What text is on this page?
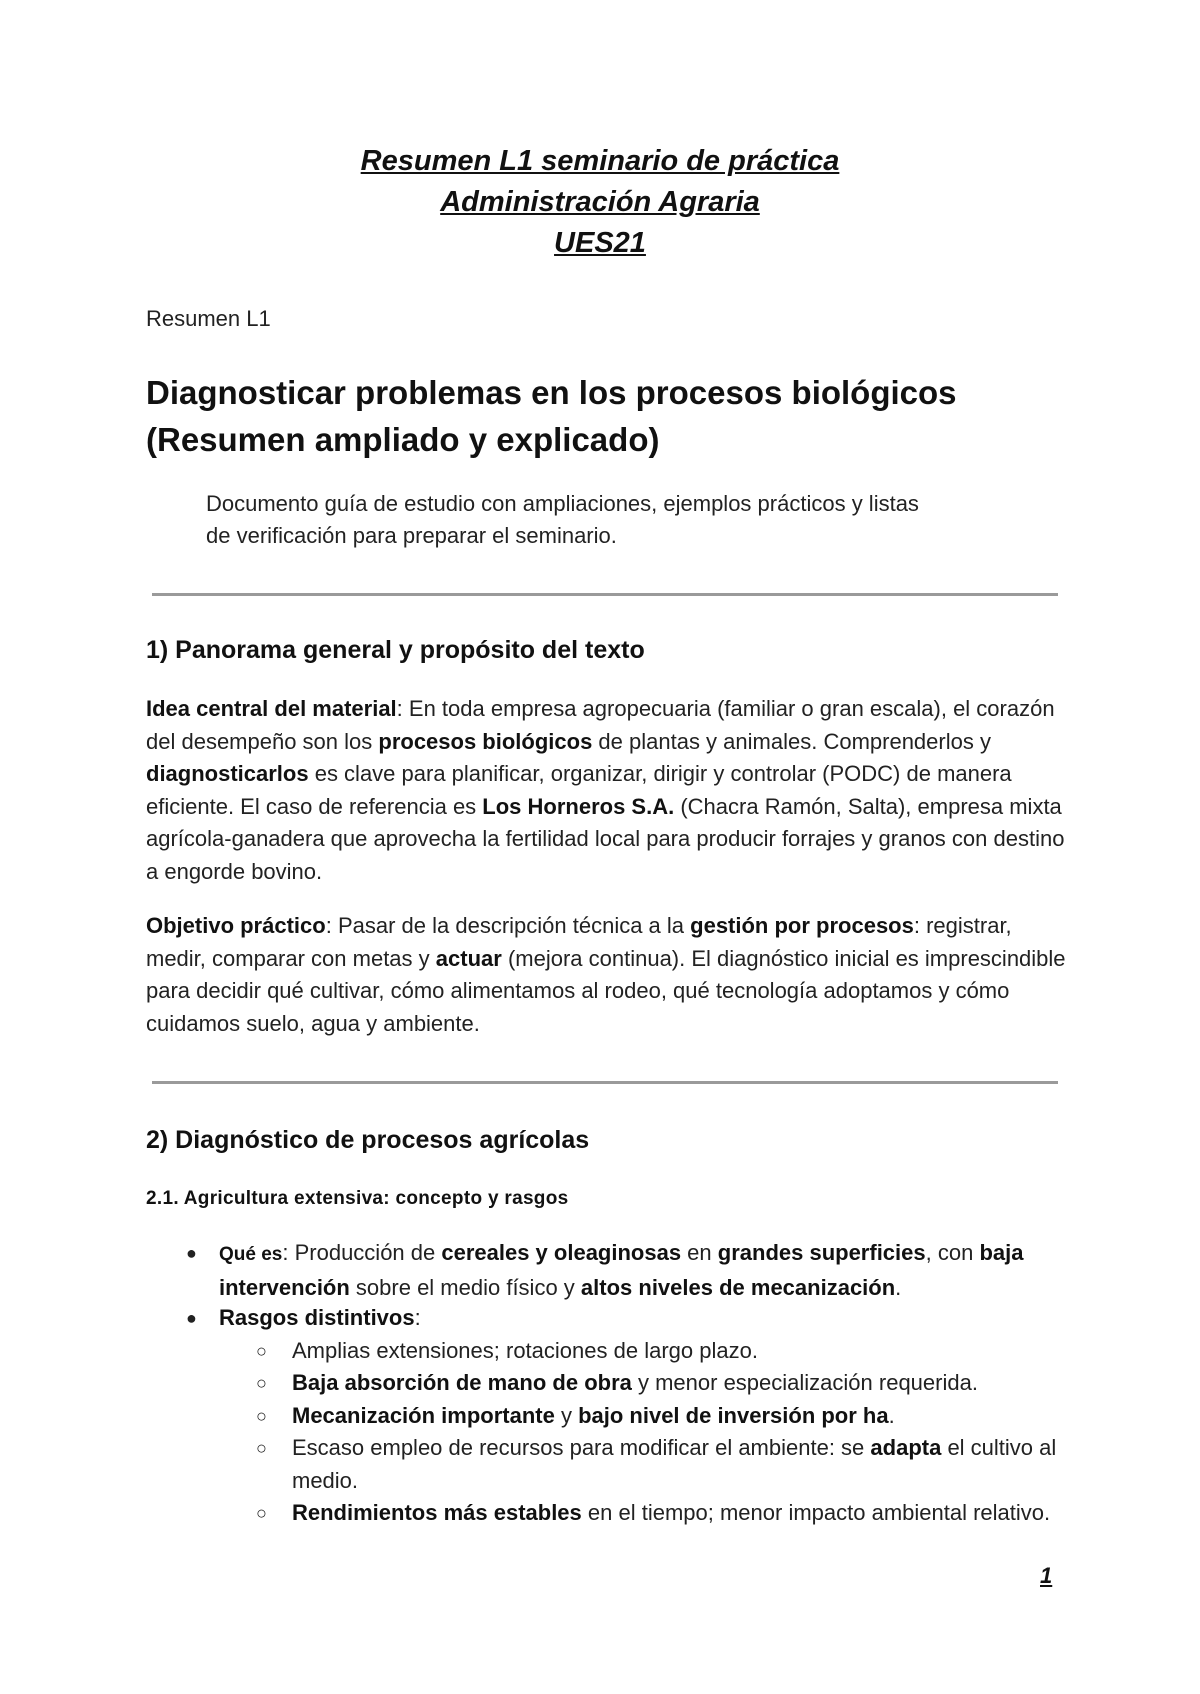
Resumen L1 seminario de práctica

Administración Agraria

UES21

Resumen L1

Diagnosticar problemas en los procesos biológicos
(Resumen ampliado y explicado)

Documento guía de estudio con ampliaciones, ejemplos prácticos y listas
de verificación para preparar el seminario.

1) Panorama general y propósito del texto

Idea central del material: En toda empresa agropecuaria (familiar o gran escala), el corazón del desempeño son los procesos biológicos de plantas y animales. Comprenderlos y diagnosticarlos es clave para planificar, organizar, dirigir y controlar (PODC) de manera eficiente. El caso de referencia es Los Horneros S.A. (Chacra Ramón, Salta), empresa mixta agrícola-ganadera que aprovecha la fertilidad local para producir forrajes y granos con destino a engorde bovino.

Objetivo práctico: Pasar de la descripción técnica a la gestión por procesos: registrar, medir, comparar con metas y actuar (mejora continua). El diagnóstico inicial es imprescindible para decidir qué cultivar, cómo alimentamos al rodeo, qué tecnología adoptamos y cómo cuidamos suelo, agua y ambiente.

2) Diagnóstico de procesos agrícolas
2.1. Agricultura extensiva: concepto y rasgos

● Qué es: Producción de cereales y oleaginosas en grandes superficies, con baja intervención sobre el medio físico y altos niveles de mecanización.

● Rasgos distintivos:

○ Amplias extensiones; rotaciones de largo plazo.

○ Baja absorción de mano de obra y menor especialización requerida.

○ Mecanización importante y bajo nivel de inversión por ha.

○ Escaso empleo de recursos para modificar el ambiente: se adapta el cultivo al medio.

○ Rendimientos más estables en el tiempo; menor impacto ambiental relativo.

1
